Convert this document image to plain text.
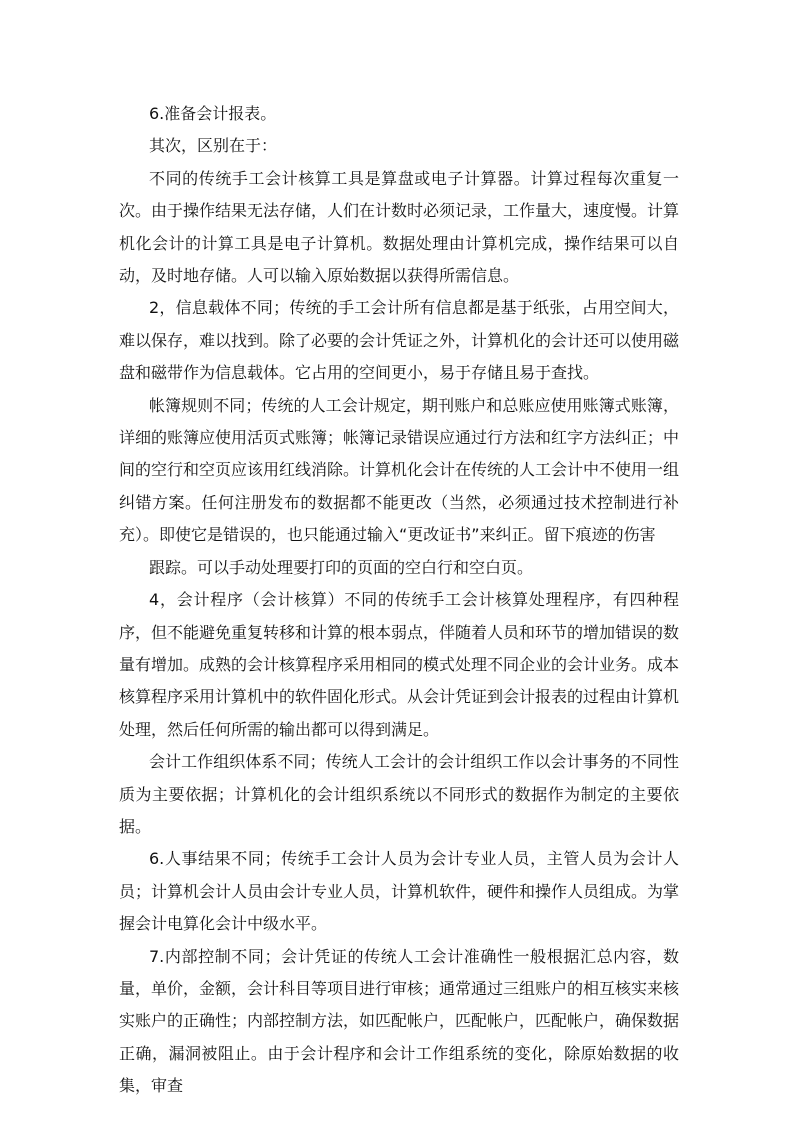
6.准备会计报表。

其次，区别在于：

不同的传统手工会计核算工具是算盘或电子计算器。计算过程每次重复一次。由于操作结果无法存储，人们在计数时必须记录，工作量大，速度慢。计算机化会计的计算工具是电子计算机。数据处理由计算机完成，操作结果可以自动，及时地存储。人可以输入原始数据以获得所需信息。

2，信息载体不同；传统的手工会计所有信息都是基于纸张，占用空间大，难以保存，难以找到。除了必要的会计凭证之外，计算机化的会计还可以使用磁盘和磁带作为信息载体。它占用的空间更小，易于存储且易于查找。

帐簿规则不同；传统的人工会计规定，期刊账户和总账应使用账簿式账簿，详细的账簿应使用活页式账簿；帐簿记录错误应通过行方法和红字方法纠正；中间的空行和空页应该用红线消除。计算机化会计在传统的人工会计中不使用一组纠错方案。任何注册发布的数据都不能更改（当然，必须通过技术控制进行补充）。即使它是错误的，也只能通过输入“更改证书”来纠正。留下痕迹的伤害

跟踪。可以手动处理要打印的页面的空白行和空白页。

4，会计程序（会计核算）不同的传统手工会计核算处理程序，有四种程序，但不能避免重复转移和计算的根本弱点，伴随着人员和环节的增加错误的数量有增加。成熟的会计核算程序采用相同的模式处理不同企业的会计业务。成本核算程序采用计算机中的软件固化形式。从会计凭证到会计报表的过程由计算机处理，然后任何所需的输出都可以得到满足。

会计工作组织体系不同；传统人工会计的会计组织工作以会计事务的不同性质为主要依据；计算机化的会计组织系统以不同形式的数据作为制定的主要依据。

6.人事结果不同；传统手工会计人员为会计专业人员，主管人员为会计人员；计算机会计人员由会计专业人员，计算机软件，硬件和操作人员组成。为掌握会计电算化会计中级水平。

7.内部控制不同；会计凭证的传统人工会计准确性一般根据汇总内容，数量，单价，金额，会计科目等项目进行审核；通常通过三组账户的相互核实来核实账户的正确性；内部控制方法，如匹配帐户，匹配帐户，匹配帐户，确保数据正确，漏洞被阻止。由于会计程序和会计工作组系统的变化，除原始数据的收集，审查
